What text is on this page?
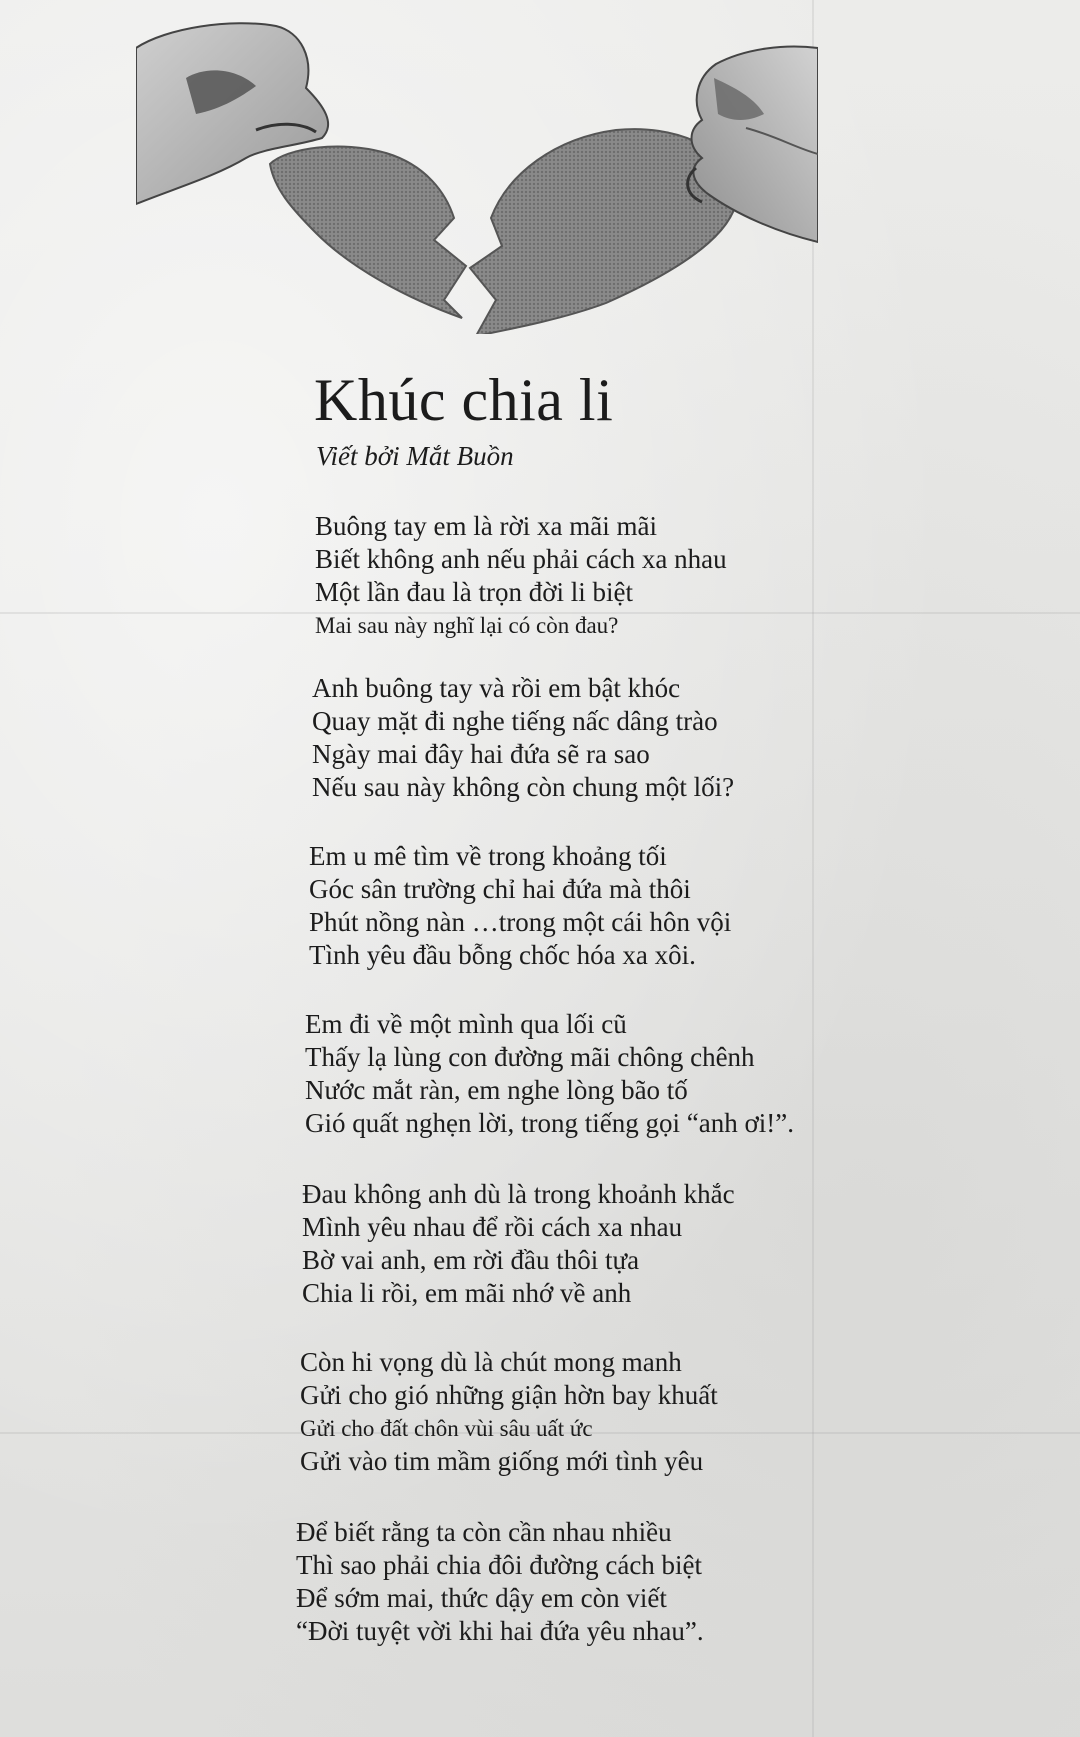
Khúc chia li
Viết bởi Mắt Buồn
Buông tay em là rời xa mãi mãi
Biết không anh nếu phải cách xa nhau
Một lần đau là trọn đời li biệt
Mai sau này nghĩ lại có còn đau?
Anh buông tay và rồi em bật khóc
Quay mặt đi nghe tiếng nấc dâng trào
Ngày mai đây hai đứa sẽ ra sao
Nếu sau này không còn chung một lối?
Em u mê tìm về trong khoảng tối
Góc sân trường chỉ hai đứa mà thôi
Phút nồng nàn …trong một cái hôn vội
Tình yêu đầu bỗng chốc hóa xa xôi.
Em đi về một mình qua lối cũ
Thấy lạ lùng con đường mãi chông chênh
Nước mắt ràn, em nghe lòng bão tố
Gió quất nghẹn lời, trong tiếng gọi “anh ơi!”.
Đau không anh dù là trong khoảnh khắc
Mình yêu nhau để rồi cách xa nhau
Bờ vai anh, em rời đầu thôi tựa
Chia li rồi, em mãi nhớ về anh
Còn hi vọng dù là chút mong manh
Gửi cho gió những giận hờn bay khuất
Gửi cho đất chôn vùi sâu uất ức
Gửi vào tim mầm giống mới tình yêu
Để biết rằng ta còn cần nhau nhiều
Thì sao phải chia đôi đường cách biệt
Để sớm mai, thức dậy em còn viết
“Đời tuyệt vời khi hai đứa yêu nhau”.
